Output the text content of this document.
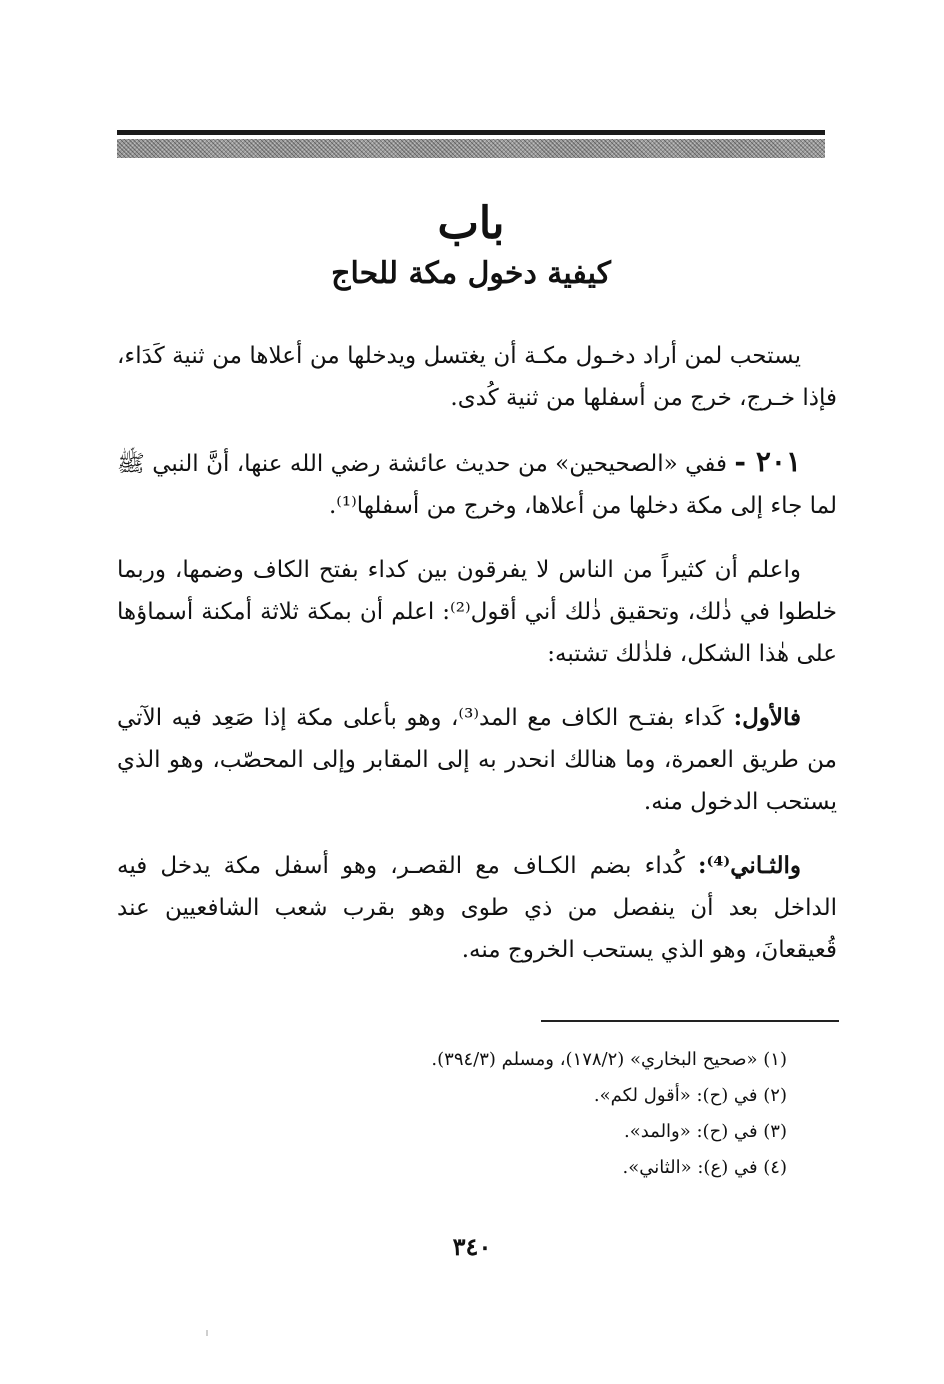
باب

كيفية دخول مكة للحاج

يستحب لمن أراد دخـول مكـة أن يغتسل ويدخلها من أعلاها من ثنية كَدَاء، فإذا خـرج، خرج من أسفلها من ثنية كُدى.

٢٠١ - ففي «الصحيحين» من حديث عائشة رضي الله عنها، أنَّ النبي ﷺ لما جاء إلى مكة دخلها من أعلاها، وخرج من أسفلها⁽¹⁾.

واعلم أن كثيراً من الناس لا يفرقون بين كداء بفتح الكاف وضمها، وربما خلطوا في ذٰلك، وتحقيق ذٰلك أني أقول⁽²⁾: اعلم أن بمكة ثلاثة أمكنة أسماؤها على هٰذا الشكل، فلذٰلك تشتبه:

فالأول: كَداء بفتـح الكاف مع المد⁽³⁾، وهو بأعلى مكة إذا صَعِد فيه الآتي من طريق العمرة، وما هنالك انحدر به إلى المقابر وإلى المحصّب، وهو الذي يستحب الدخول منه.

والثـاني⁽⁴⁾: كُداء بضم الكـاف مع القصـر، وهو أسفل مكة يدخل فيه الداخل بعد أن ينفصل من ذي طوى وهو بقرب شعب الشافعيين عند قُعيقعانَ، وهو الذي يستحب الخروج منه.

(١) «صحيح البخاري» (١٧٨/٢)، ومسلم (٣٩٤/٣).

(٢) في (ح): «أقول لكم».

(٣) في (ح): «والمد».

(٤) في (ع): «الثاني».

٣٤٠
